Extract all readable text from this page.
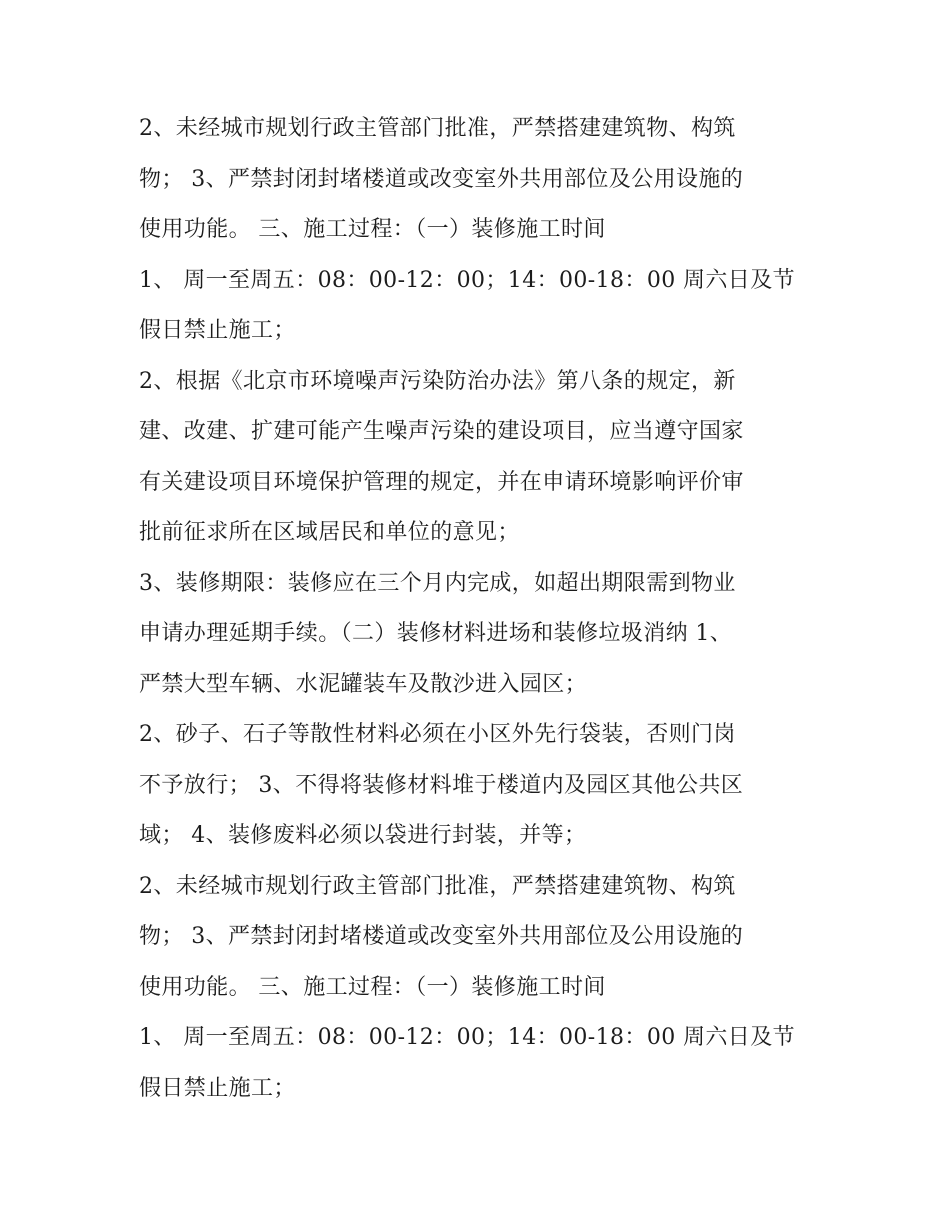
2、未经城市规划行政主管部门批准，严禁搭建建筑物、构筑
物； 3、严禁封闭封堵楼道或改变室外共用部位及公用设施的
使用功能。 三、施工过程：（一）装修施工时间
1、 周一至周五：08：00-12：00；14：00-18：00 周六日及节
假日禁止施工；
2、根据《北京市环境噪声污染防治办法》第八条的规定，新
建、改建、扩建可能产生噪声污染的建设项目，应当遵守国家
有关建设项目环境保护管理的规定，并在申请环境影响评价审
批前征求所在区域居民和单位的意见；
3、装修期限：装修应在三个月内完成，如超出期限需到物业
申请办理延期手续。（二）装修材料进场和装修垃圾消纳 1、
严禁大型车辆、水泥罐装车及散沙进入园区；
2、砂子、石子等散性材料必须在小区外先行袋装，否则门岗
不予放行； 3、不得将装修材料堆于楼道内及园区其他公共区
域； 4、装修废料必须以袋进行封装，并等；
2、未经城市规划行政主管部门批准，严禁搭建建筑物、构筑
物； 3、严禁封闭封堵楼道或改变室外共用部位及公用设施的
使用功能。 三、施工过程：（一）装修施工时间
1、 周一至周五：08：00-12：00；14：00-18：00 周六日及节
假日禁止施工；
